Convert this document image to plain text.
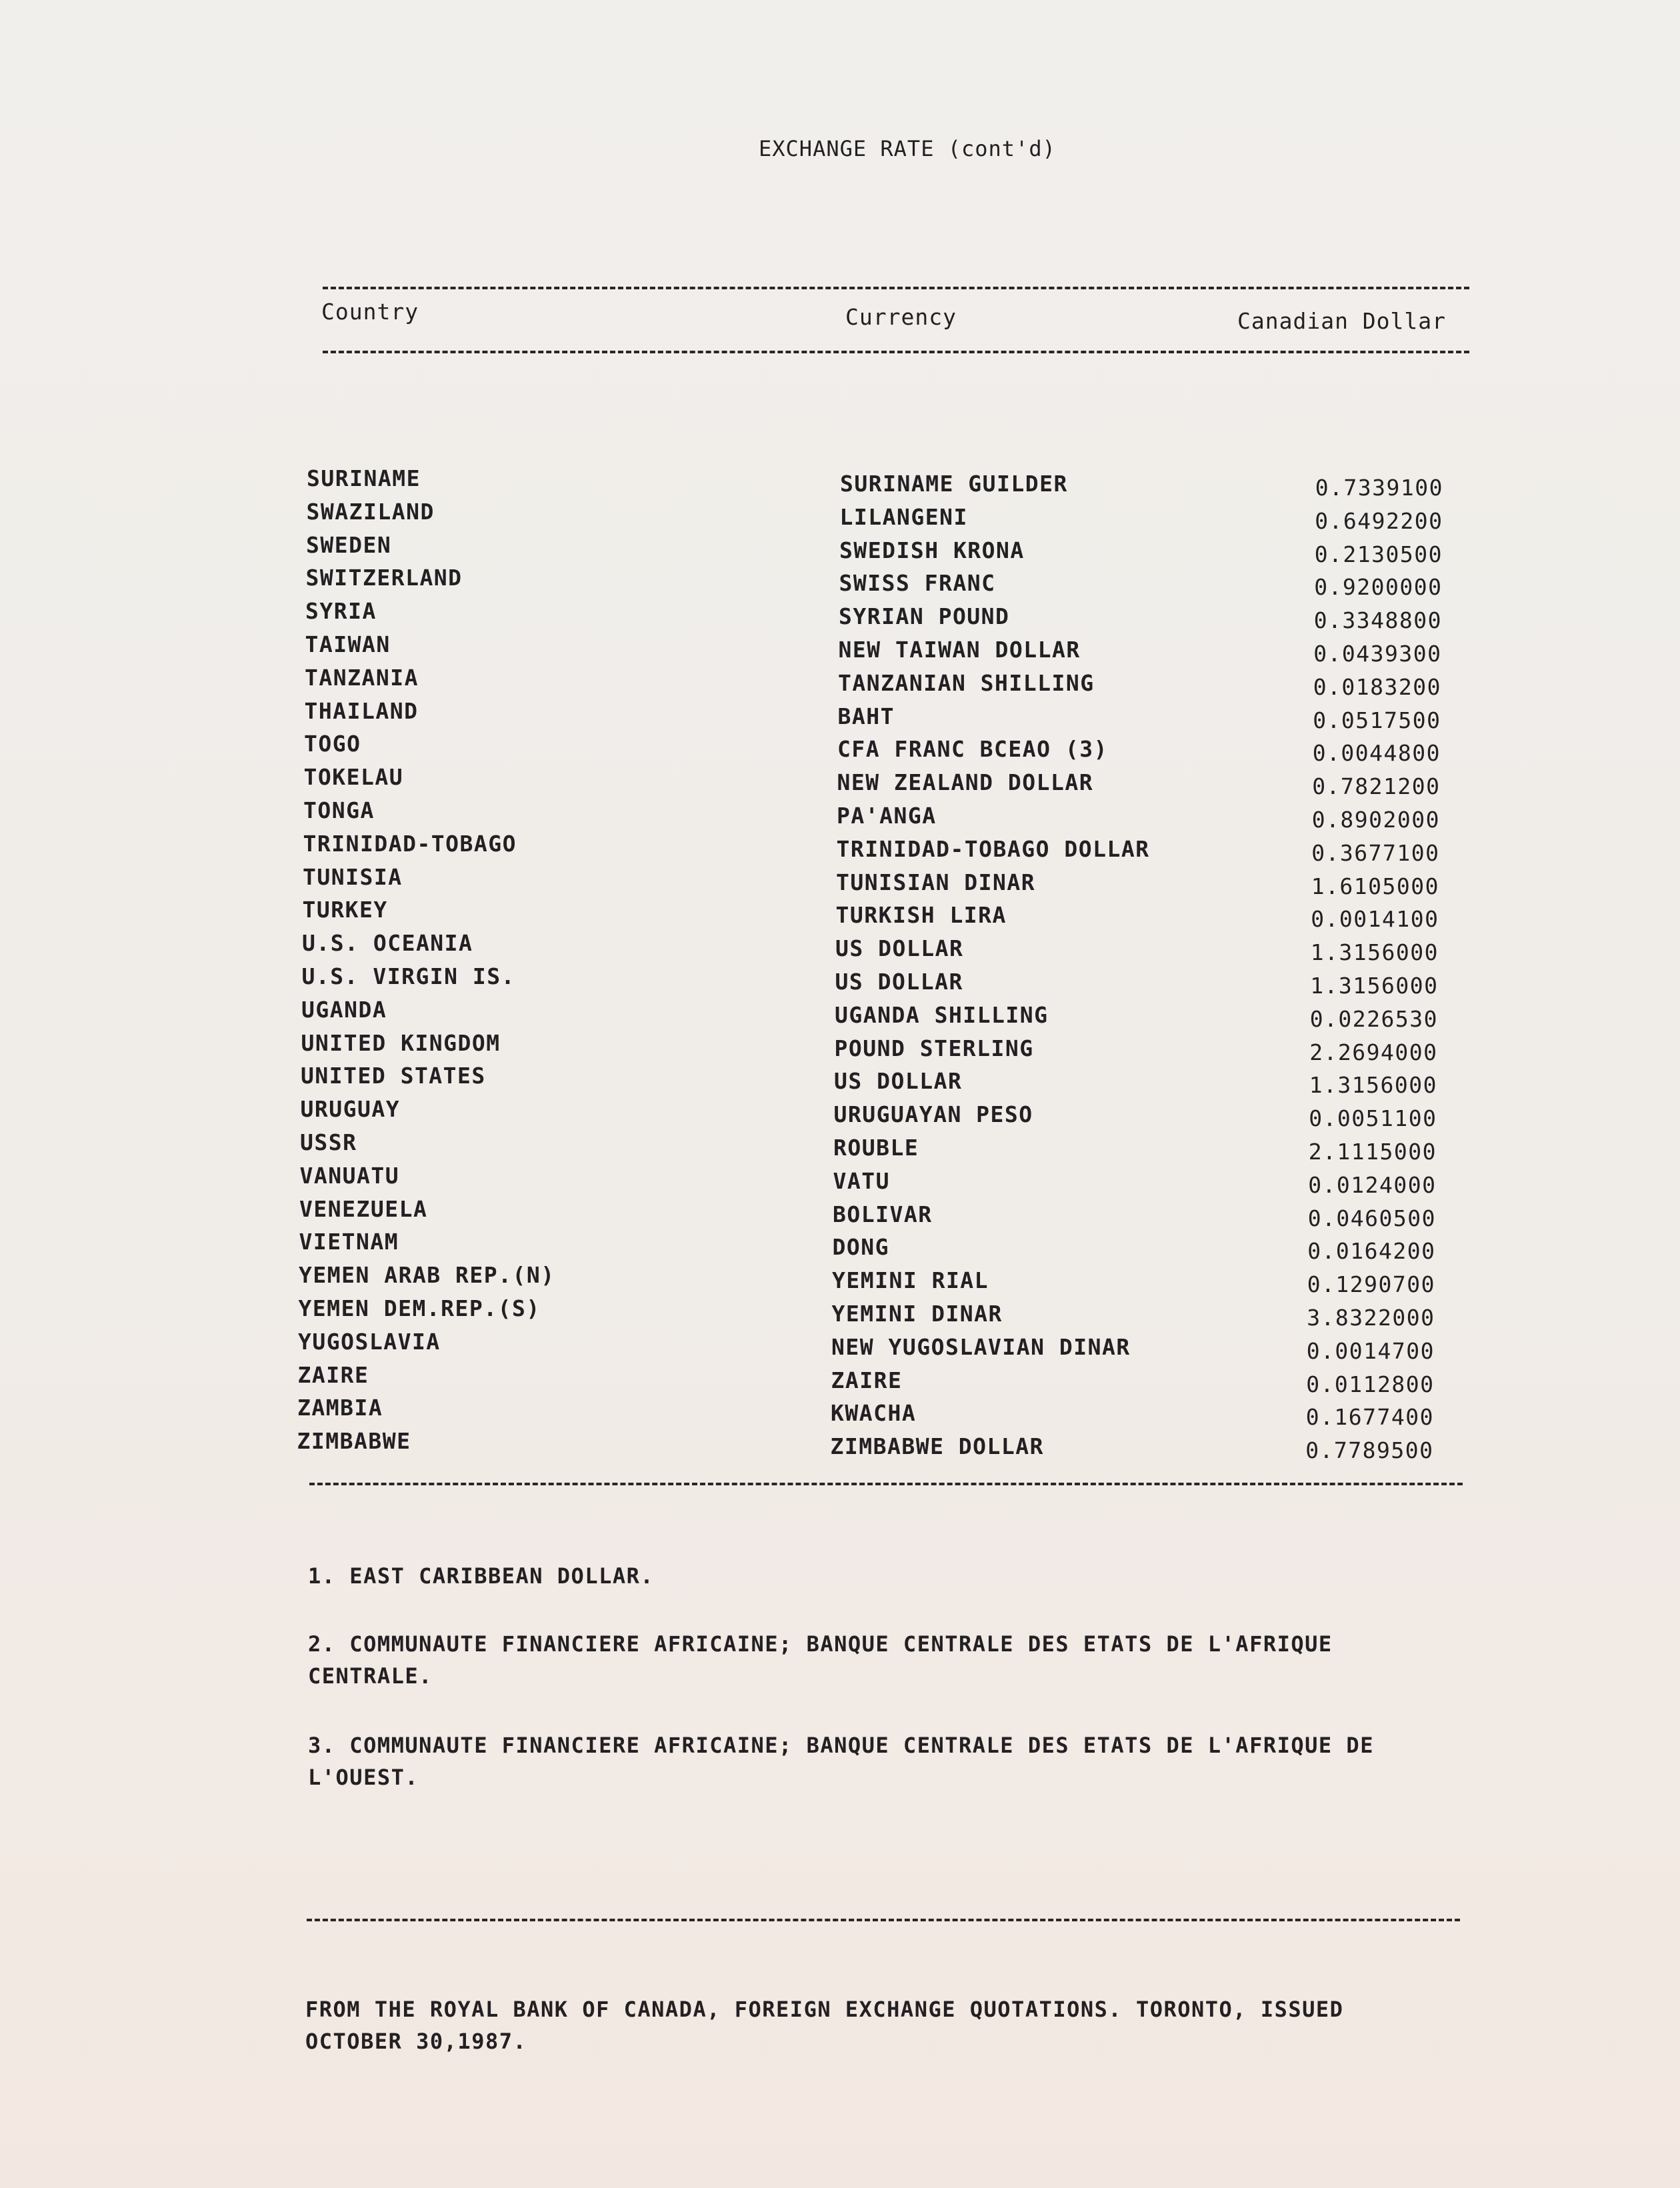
EXCHANGE RATE (cont'd)
Country	Currency	Canadian Dollar
SURINAME	SURINAME GUILDER	0.7339100
SWAZILAND	LILANGENI	0.6492200
SWEDEN	SWEDISH KRONA	0.2130500
SWITZERLAND	SWISS FRANC	0.9200000
SYRIA	SYRIAN POUND	0.3348800
TAIWAN	NEW TAIWAN DOLLAR	0.0439300
TANZANIA	TANZANIAN SHILLING	0.0183200
THAILAND	BAHT	0.0517500
TOGO	CFA FRANC BCEAO (3)	0.0044800
TOKELAU	NEW ZEALAND DOLLAR	0.7821200
TONGA	PA'ANGA	0.8902000
TRINIDAD-TOBAGO	TRINIDAD-TOBAGO DOLLAR	0.3677100
TUNISIA	TUNISIAN DINAR	1.6105000
TURKEY	TURKISH LIRA	0.0014100
U.S. OCEANIA	US DOLLAR	1.3156000
U.S. VIRGIN IS.	US DOLLAR	1.3156000
UGANDA	UGANDA SHILLING	0.0226530
UNITED KINGDOM	POUND STERLING	2.2694000
UNITED STATES	US DOLLAR	1.3156000
URUGUAY	URUGUAYAN PESO	0.0051100
USSR	ROUBLE	2.1115000
VANUATU	VATU	0.0124000
VENEZUELA	BOLIVAR	0.0460500
VIETNAM	DONG	0.0164200
YEMEN ARAB REP.(N)	YEMINI RIAL	0.1290700
YEMEN DEM.REP.(S)	YEMINI DINAR	3.8322000
YUGOSLAVIA	NEW YUGOSLAVIAN DINAR	0.0014700
ZAIRE	ZAIRE	0.0112800
ZAMBIA	KWACHA	0.1677400
ZIMBABWE	ZIMBABWE DOLLAR	0.7789500
1. EAST CARIBBEAN DOLLAR.
2. COMMUNAUTE FINANCIERE AFRICAINE; BANQUE CENTRALE DES ETATS DE L'AFRIQUE CENTRALE.
3. COMMUNAUTE FINANCIERE AFRICAINE; BANQUE CENTRALE DES ETATS DE L'AFRIQUE DE L'OUEST.
FROM THE ROYAL BANK OF CANADA, FOREIGN EXCHANGE QUOTATIONS. TORONTO, ISSUED OCTOBER 30,1987.
